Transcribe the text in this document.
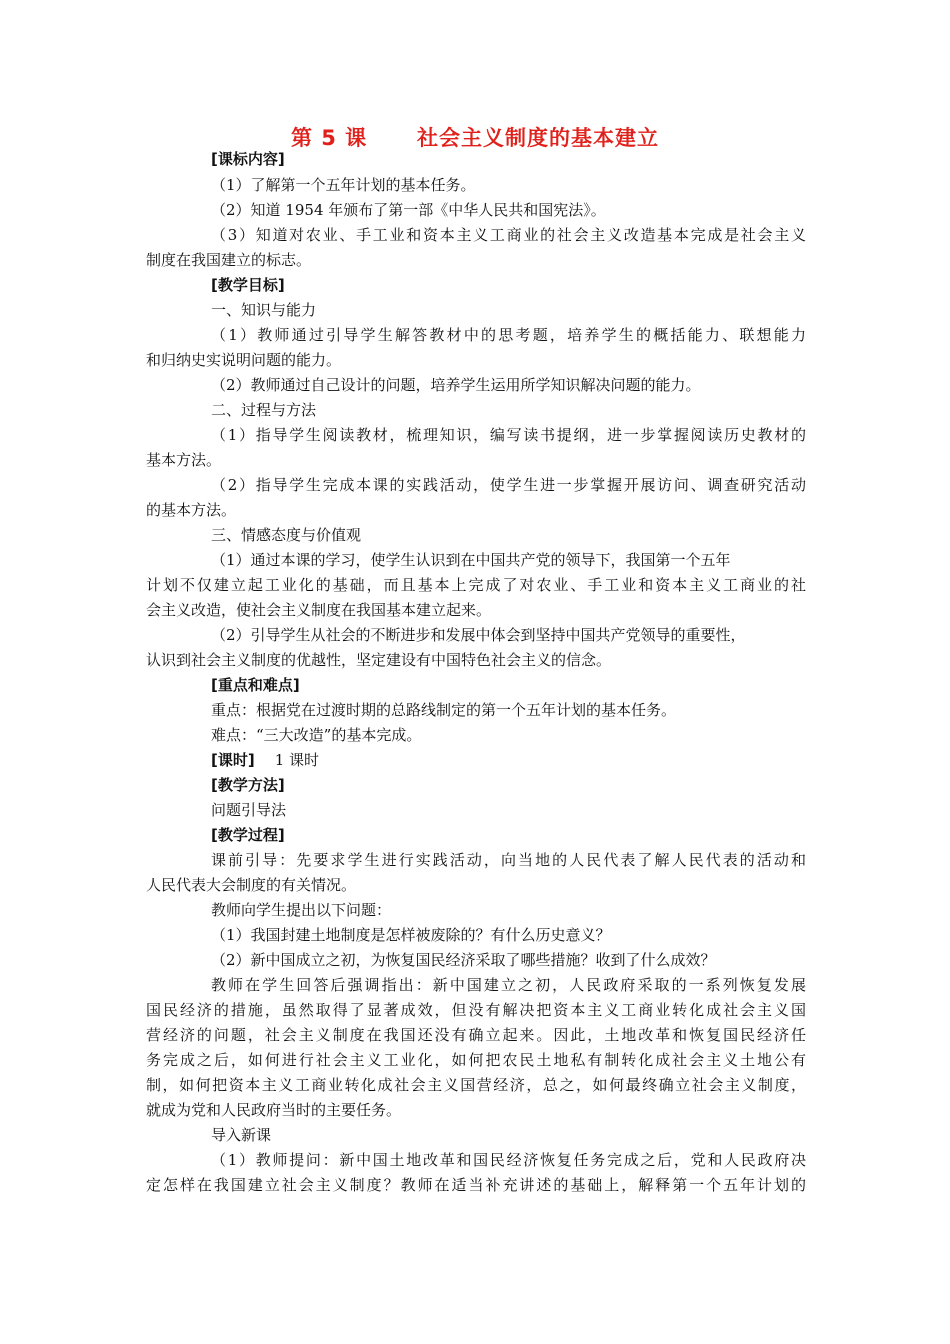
第 5 课      社会主义制度的基本建立
[课标内容]
（1）了解第一个五年计划的基本任务。
（2）知道 1954 年颁布了第一部《中华人民共和国宪法》。
（3）知道对农业、手工业和资本主义工商业的社会主义改造基本完成是社会主义
制度在我国建立的标志。
[教学目标]
一、知识与能力
（1）教师通过引导学生解答教材中的思考题，培养学生的概括能力、联想能力
和归纳史实说明问题的能力。
（2）教师通过自己设计的问题，培养学生运用所学知识解决问题的能力。
二、过程与方法
（1）指导学生阅读教材，梳理知识，编写读书提纲，进一步掌握阅读历史教材的
基本方法。
（2）指导学生完成本课的实践活动，使学生进一步掌握开展访问、调查研究活动
的基本方法。
三、情感态度与价值观
（1）通过本课的学习，使学生认识到在中国共产党的领导下，我国第一个五年
计划不仅建立起工业化的基础，而且基本上完成了对农业、手工业和资本主义工商业的社
会主义改造，使社会主义制度在我国基本建立起来。
（2）引导学生从社会的不断进步和发展中体会到坚持中国共产党领导的重要性，
认识到社会主义制度的优越性，坚定建设有中国特色社会主义的信念。
[重点和难点]
重点：根据党在过渡时期的总路线制定的第一个五年计划的基本任务。
难点：“三大改造”的基本完成。
[课时] 1 课时
[教学方法]
问题引导法
[教学过程]
课前引导：先要求学生进行实践活动，向当地的人民代表了解人民代表的活动和
人民代表大会制度的有关情况。
教师向学生提出以下问题：
（1）我国封建土地制度是怎样被废除的？有什么历史意义？
（2）新中国成立之初，为恢复国民经济采取了哪些措施？收到了什么成效？
教师在学生回答后强调指出：新中国建立之初，人民政府采取的一系列恢复发展
国民经济的措施，虽然取得了显著成效，但没有解决把资本主义工商业转化成社会主义国
营经济的问题，社会主义制度在我国还没有确立起来。因此，土地改革和恢复国民经济任
务完成之后，如何进行社会主义工业化，如何把农民土地私有制转化成社会主义土地公有
制，如何把资本主义工商业转化成社会主义国营经济，总之，如何最终确立社会主义制度，
就成为党和人民政府当时的主要任务。
导入新课
（1）教师提问：新中国土地改革和国民经济恢复任务完成之后，党和人民政府决
定怎样在我国建立社会主义制度？教师在适当补充讲述的基础上，解释第一个五年计划的
